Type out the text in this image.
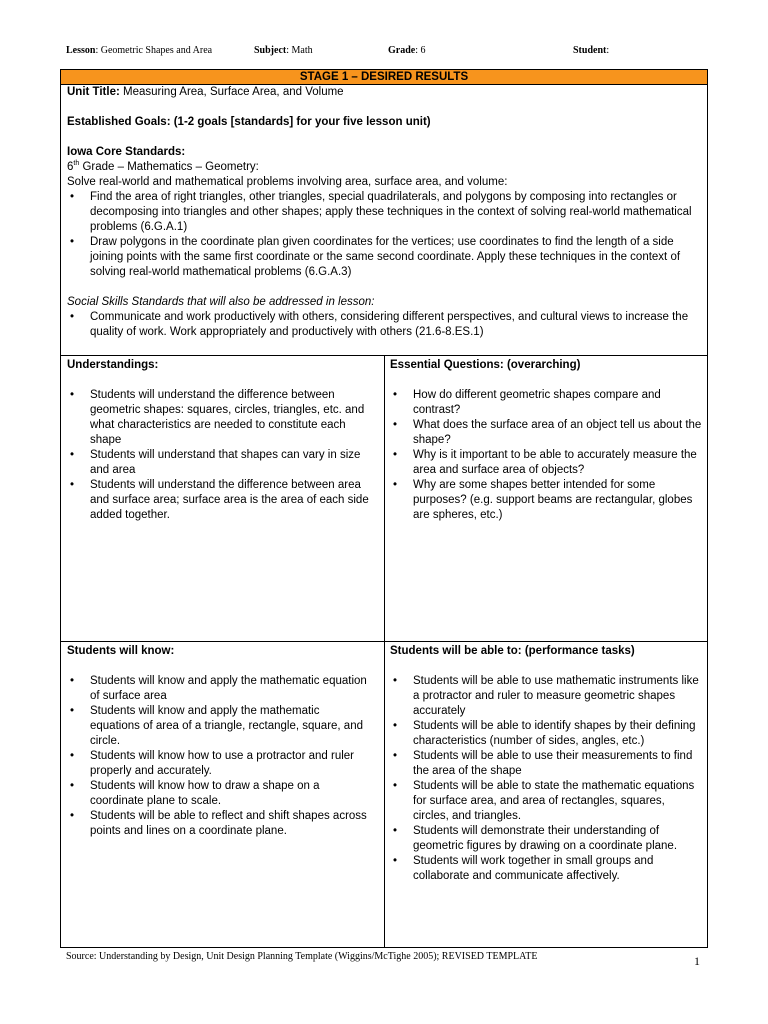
Lesson: Geometric Shapes and Area	Subject: Math	Grade: 6	Student:
STAGE 1 – DESIRED RESULTS
Unit Title: Measuring Area, Surface Area, and Volume
Established Goals: (1-2 goals [standards] for your five lesson unit)
Iowa Core Standards:
6th Grade – Mathematics – Geometry:
Solve real-world and mathematical problems involving area, surface area, and volume:
• Find the area of right triangles, other triangles, special quadrilaterals, and polygons by composing into rectangles or decomposing into triangles and other shapes; apply these techniques in the context of solving real-world mathematical problems (6.G.A.1)
• Draw polygons in the coordinate plan given coordinates for the vertices; use coordinates to find the length of a side joining points with the same first coordinate or the same second coordinate. Apply these techniques in the context of solving real-world mathematical problems (6.G.A.3)
Social Skills Standards that will also be addressed in lesson:
• Communicate and work productively with others, considering different perspectives, and cultural views to increase the quality of work. Work appropriately and productively with others (21.6-8.ES.1)
Understandings:
• Students will understand the difference between geometric shapes: squares, circles, triangles, etc. and what characteristics are needed to constitute each shape
• Students will understand that shapes can vary in size and area
• Students will understand the difference between area and surface area; surface area is the area of each side added together.
Essential Questions: (overarching)
• How do different geometric shapes compare and contrast?
• What does the surface area of an object tell us about the shape?
• Why is it important to be able to accurately measure the area and surface area of objects?
• Why are some shapes better intended for some purposes? (e.g. support beams are rectangular, globes are spheres, etc.)
Students will know:
• Students will know and apply the mathematic equation of surface area
• Students will know and apply the mathematic equations of area of a triangle, rectangle, square, and circle.
• Students will know how to use a protractor and ruler properly and accurately.
• Students will know how to draw a shape on a coordinate plane to scale.
• Students will be able to reflect and shift shapes across points and lines on a coordinate plane.
Students will be able to: (performance tasks)
• Students will be able to use mathematic instruments like a protractor and ruler to measure geometric shapes accurately
• Students will be able to identify shapes by their defining characteristics (number of sides, angles, etc.)
• Students will be able to use their measurements to find the area of the shape
• Students will be able to state the mathematic equations for surface area, and area of rectangles, squares, circles, and triangles.
• Students will demonstrate their understanding of geometric figures by drawing on a coordinate plane.
• Students will work together in small groups and collaborate and communicate affectively.
Source: Understanding by Design, Unit Design Planning Template (Wiggins/McTighe 2005); REVISED TEMPLATE	1
